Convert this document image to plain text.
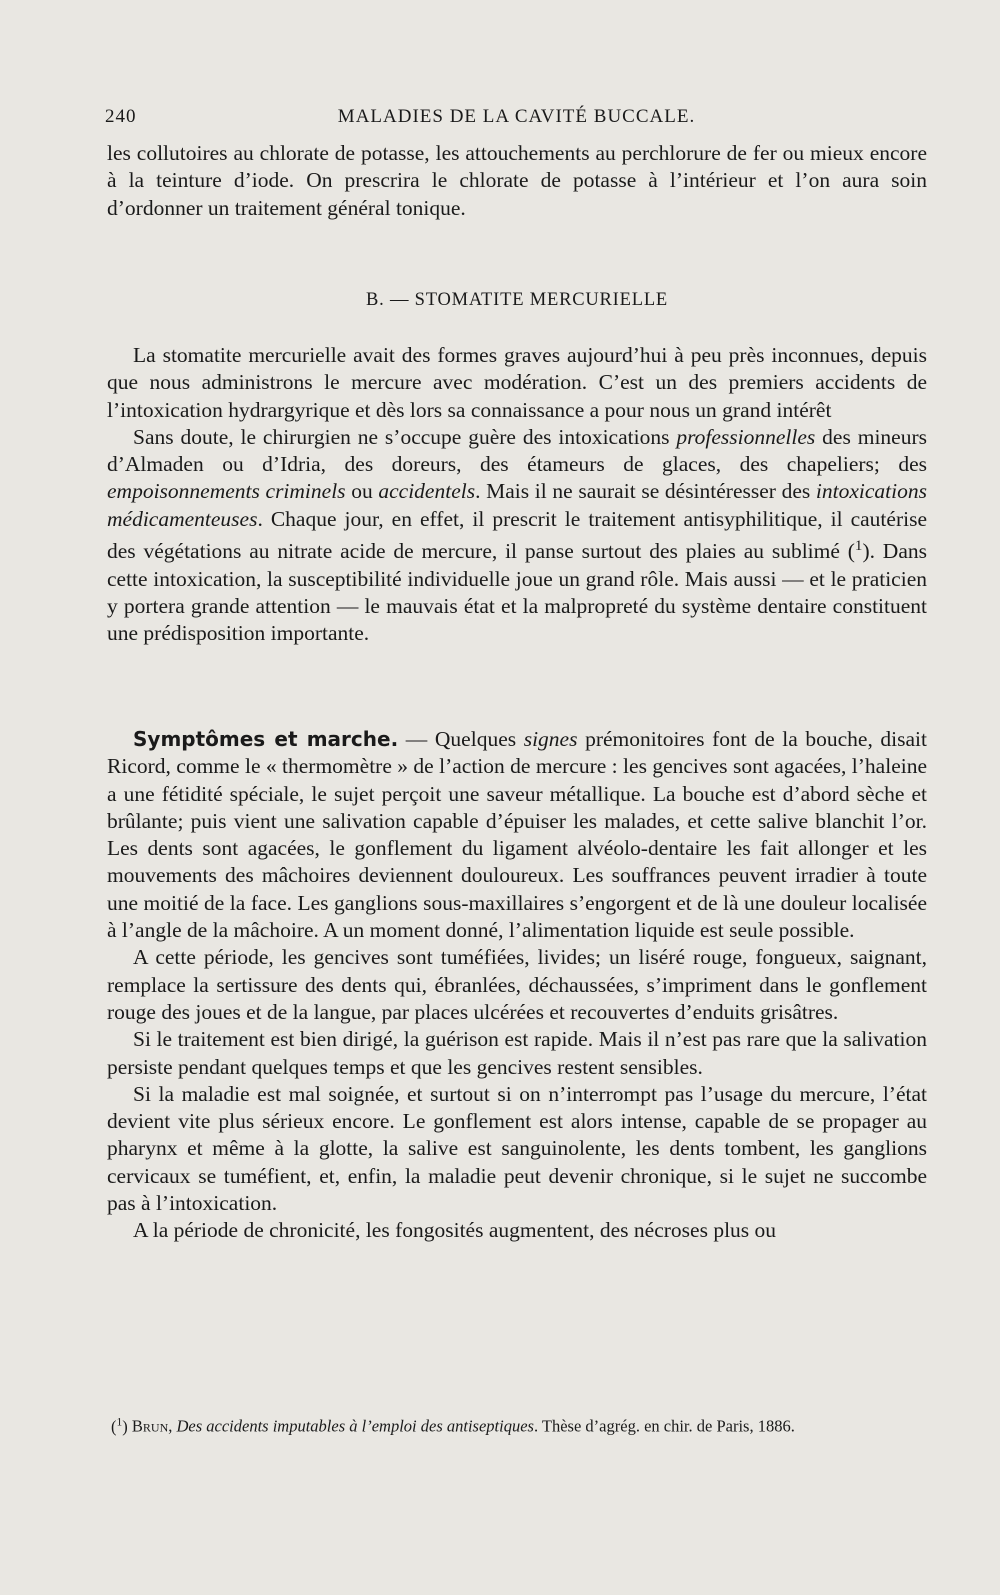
240	MALADIES DE LA CAVITÉ BUCCALE.

les collutoires au chlorate de potasse, les attouchements au perchlorure de fer ou mieux encore à la teinture d’iode. On prescrira le chlorate de potasse à l’intérieur et l’on aura soin d’ordonner un traitement général tonique.

B. — STOMATITE MERCURIELLE

La stomatite mercurielle avait des formes graves aujourd’hui à peu près inconnues, depuis que nous administrons le mercure avec modération. C’est un des premiers accidents de l’intoxication hydrargyrique et dès lors sa connaissance a pour nous un grand intérêt

Sans doute, le chirurgien ne s’occupe guère des intoxications professionnelles des mineurs d’Almaden ou d’Idria, des doreurs, des étameurs de glaces, des chapeliers; des empoisonnements criminels ou accidentels. Mais il ne saurait se désintéresser des intoxications médicamenteuses. Chaque jour, en effet, il prescrit le traitement antisyphilitique, il cautérise des végétations au nitrate acide de mercure, il panse surtout des plaies au sublimé ($^1$). Dans cette intoxication, la susceptibilité individuelle joue un grand rôle. Mais aussi — et le praticien y portera grande attention — le mauvais état et la malpropreté du système dentaire constituent une prédisposition importante.

Symptômes et marche. — Quelques signes prémonitoires font de la bouche, disait Ricord, comme le « thermomètre » de l’action de mercure : les gencives sont agacées, l’haleine a une fétidité spéciale, le sujet perçoit une saveur métallique. La bouche est d’abord sèche et brûlante; puis vient une salivation capable d’épuiser les malades, et cette salive blanchit l’or. Les dents sont agacées, le gonflement du ligament alvéolo-dentaire les fait allonger et les mouvements des mâchoires deviennent douloureux. Les souffrances peuvent irradier à toute une moitié de la face. Les ganglions sous-maxillaires s’engorgent et de là une douleur localisée à l’angle de la mâchoire. A un moment donné, l’alimentation liquide est seule possible.

A cette période, les gencives sont tuméfiées, livides; un liséré rouge, fongueux, saignant, remplace la sertissure des dents qui, ébranlées, déchaussées, s’impriment dans le gonflement rouge des joues et de la langue, par places ulcérées et recouvertes d’enduits grisâtres.

Si le traitement est bien dirigé, la guérison est rapide. Mais il n’est pas rare que la salivation persiste pendant quelques temps et que les gencives restent sensibles.

Si la maladie est mal soignée, et surtout si on n’interrompt pas l’usage du mercure, l’état devient vite plus sérieux encore. Le gonflement est alors intense, capable de se propager au pharynx et même à la glotte, la salive est sanguinolente, les dents tombent, les ganglions cervicaux se tuméfient, et, enfin, la maladie peut devenir chronique, si le sujet ne succombe pas à l’intoxication.

A la période de chronicité, les fongosités augmentent, des nécroses plus ou

($^1$) Brun, Des accidents imputables à l’emploi des antiseptiques. Thèse d’agrég. en chir. de Paris, 1886.
